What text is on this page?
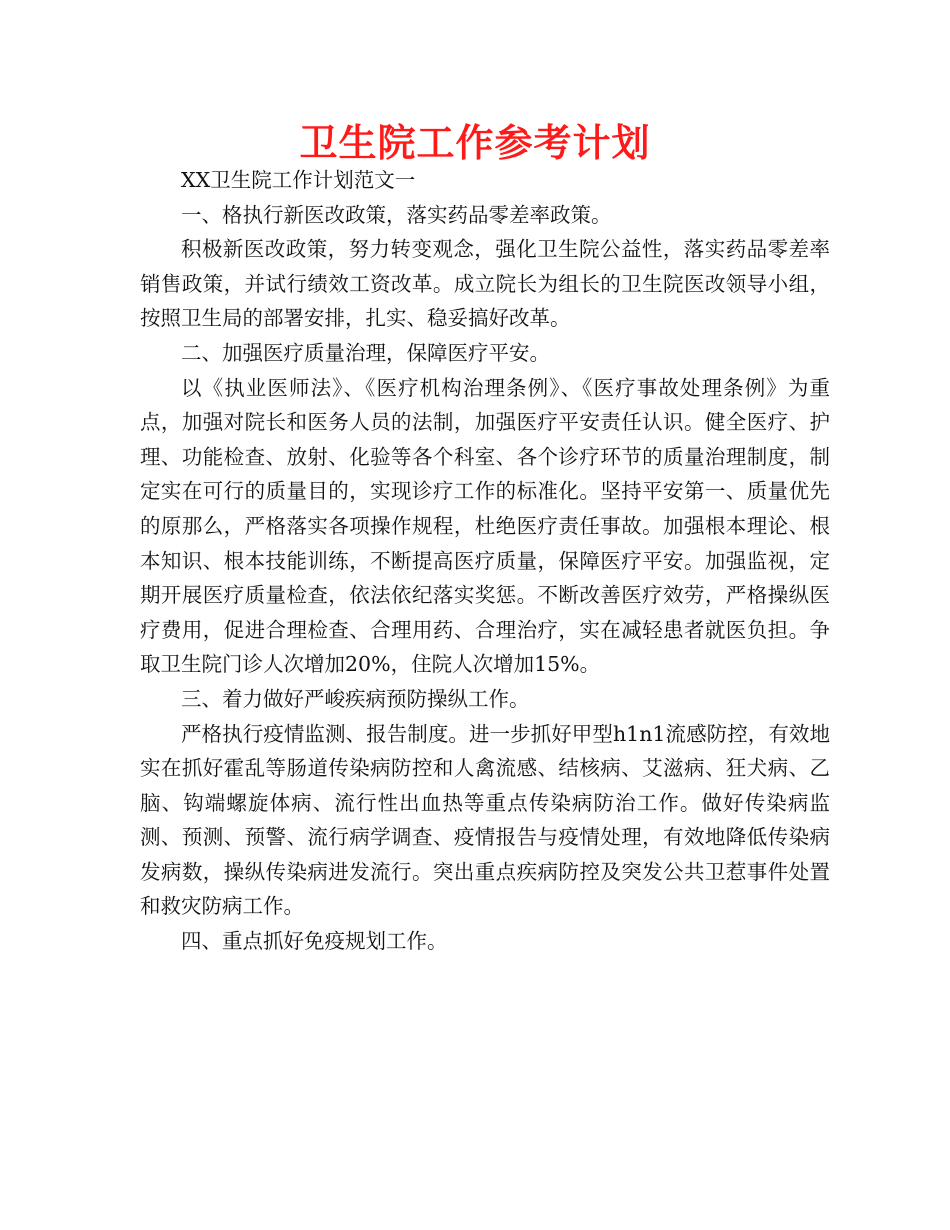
卫生院工作参考计划

XX卫生院工作计划范文一

一、格执行新医改政策，落实药品零差率政策。

积极新医改政策，努力转变观念，强化卫生院公益性，落实药品零差率销售政策，并试行绩效工资改革。成立院长为组长的卫生院医改领导小组，按照卫生局的部署安排，扎实、稳妥搞好改革。

二、加强医疗质量治理，保障医疗平安。

以《执业医师法》、《医疗机构治理条例》、《医疗事故处理条例》为重点，加强对院长和医务人员的法制，加强医疗平安责任认识。健全医疗、护理、功能检查、放射、化验等各个科室、各个诊疗环节的质量治理制度，制定实在可行的质量目的，实现诊疗工作的标准化。坚持平安第一、质量优先的原那么，严格落实各项操作规程，杜绝医疗责任事故。加强根本理论、根本知识、根本技能训练，不断提高医疗质量，保障医疗平安。加强监视，定期开展医疗质量检查，依法依纪落实奖惩。不断改善医疗效劳，严格操纵医疗费用，促进合理检查、合理用药、合理治疗，实在减轻患者就医负担。争取卫生院门诊人次增加20%，住院人次增加15%。

三、着力做好严峻疾病预防操纵工作。

严格执行疫情监测、报告制度。进一步抓好甲型h1n1流感防控，有效地实在抓好霍乱等肠道传染病防控和人禽流感、结核病、艾滋病、狂犬病、乙脑、钩端螺旋体病、流行性出血热等重点传染病防治工作。做好传染病监测、预测、预警、流行病学调查、疫情报告与疫情处理，有效地降低传染病发病数，操纵传染病进发流行。突出重点疾病防控及突发公共卫惹事件处置和救灾防病工作。

四、重点抓好免疫规划工作。
